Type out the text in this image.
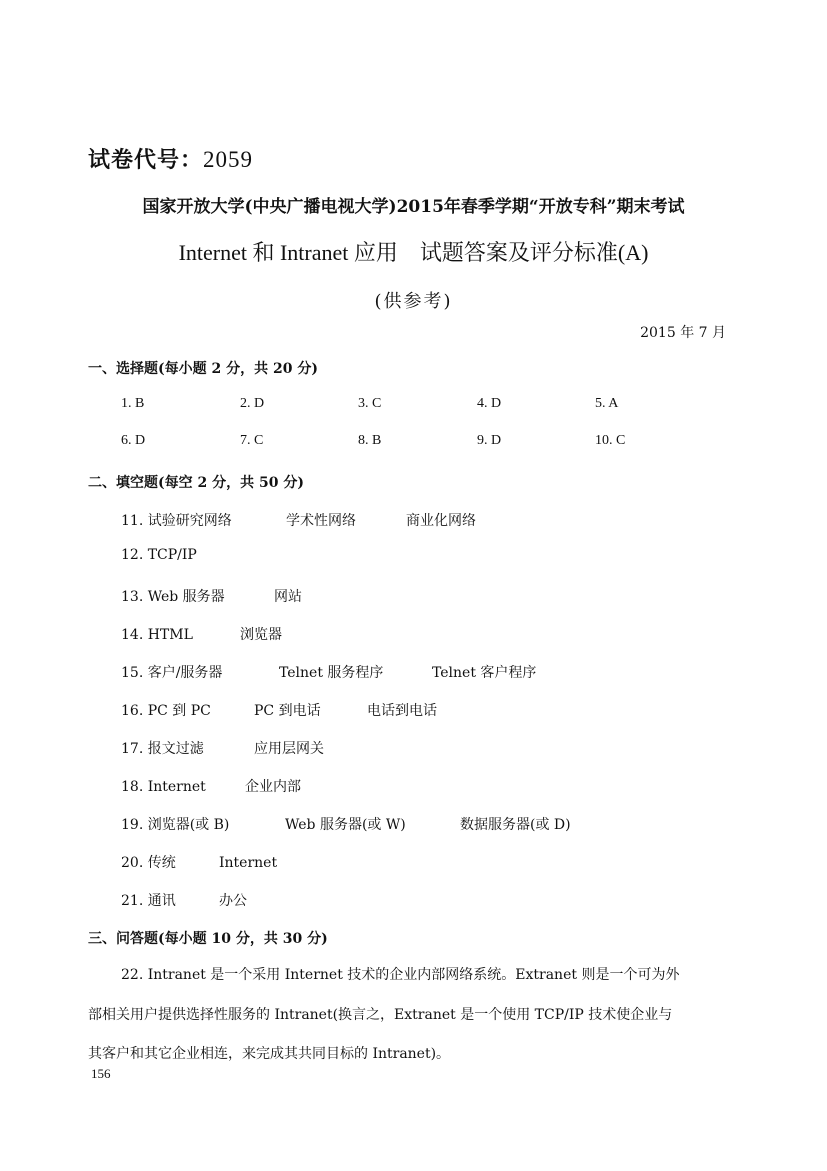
试卷代号：2059
国家开放大学(中央广播电视大学)2015年春季学期“开放专科”期末考试
Internet 和 Intranet 应用 试题答案及评分标准(A)
(供参考)
2015 年 7 月
一、选择题(每小题 2 分，共 20 分)
1. B	2. D	3. C	4. D	5. A
6. D	7. C	8. B	9. D	10. C
二、填空题(每空 2 分，共 50 分)
11. 试验研究网络	学术性网络	商业化网络
12. TCP/IP
13. Web 服务器	网站
14. HTML	浏览器
15. 客户/服务器	Telnet 服务程序	Telnet 客户程序
16. PC 到 PC	PC 到电话	电话到电话
17. 报文过滤	应用层网关
18. Internet	企业内部
19. 浏览器(或 B)	Web 服务器(或 W)	数据服务器(或 D)
20. 传统	Internet
21. 通讯	办公
三、问答题(每小题 10 分，共 30 分)
22. Intranet 是一个采用 Internet 技术的企业内部网络系统。Extranet 则是一个可为外
部相关用户提供选择性服务的 Intranet(换言之，Extranet 是一个使用 TCP/IP 技术使企业与
其客户和其它企业相连，来完成其共同目标的 Intranet)。
156
